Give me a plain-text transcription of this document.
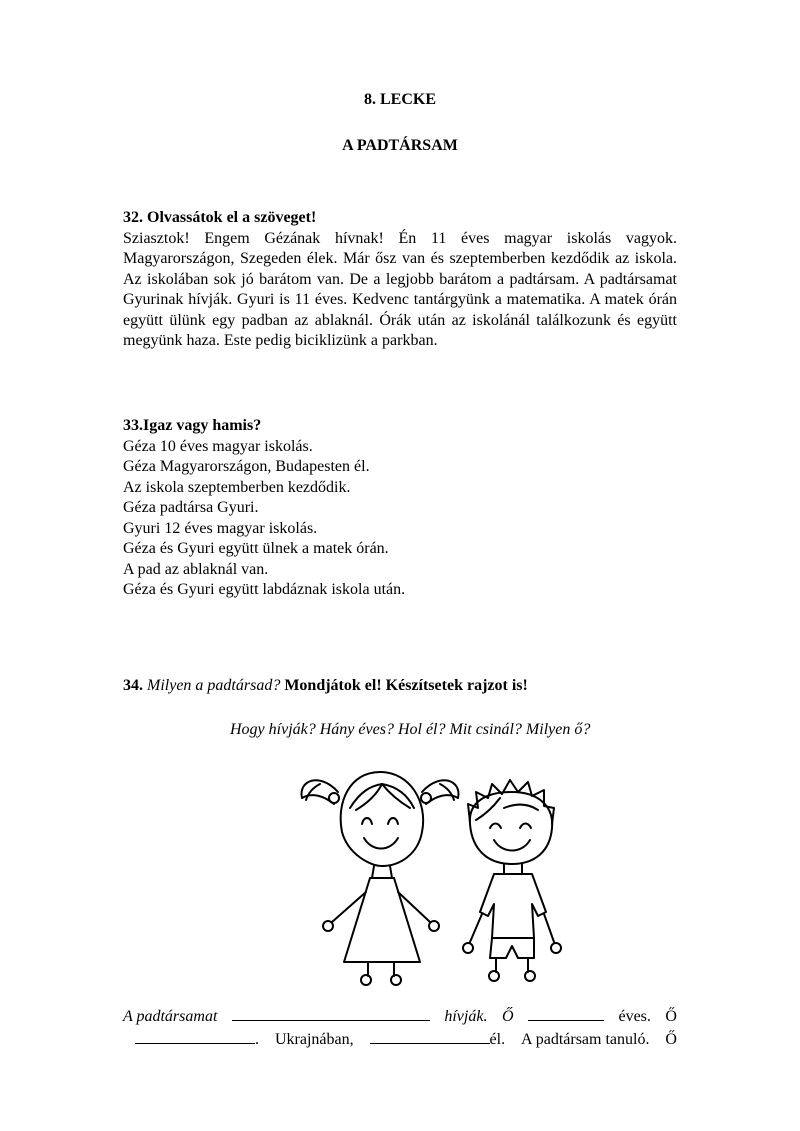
8. LECKE
A PADTÁRSAM
32. Olvassátok el a szöveget!
Sziasztok! Engem Gézának hívnak! Én 11 éves magyar iskolás vagyok. Magyarországon, Szegeden élek. Már ősz van és szeptemberben kezdődik az iskola. Az iskolában sok jó barátom van. De a legjobb barátom a padtársam. A padtársamat Gyurinak hívják. Gyuri is 11 éves. Kedvenc tantárgyünk a matematika. A matek órán együtt ülünk egy padban az ablaknál. Órák után az iskolánál találkozunk és együtt megyünk haza. Este pedig biciklizünk a parkban.
33.Igaz vagy hamis?
Géza 10 éves magyar iskolás.
Géza Magyarországon, Budapesten él.
Az iskola szeptemberben kezdődik.
Géza padtársa Gyuri.
Gyuri 12 éves magyar iskolás.
Géza és Gyuri együtt ülnek a matek órán.
A pad az ablaknál van.
Géza és Gyuri együtt labdáznak iskola után.
34. Milyen a padtársad? Mondjátok el! Készítsetek rajzot is!
Hogy hívják? Hány éves? Hol él? Mit csinál? Milyen ő?
A padtársamat	hívják. Ő	éves. Ő
. Ukrajnában,	él. A padtársam tanuló. Ő
